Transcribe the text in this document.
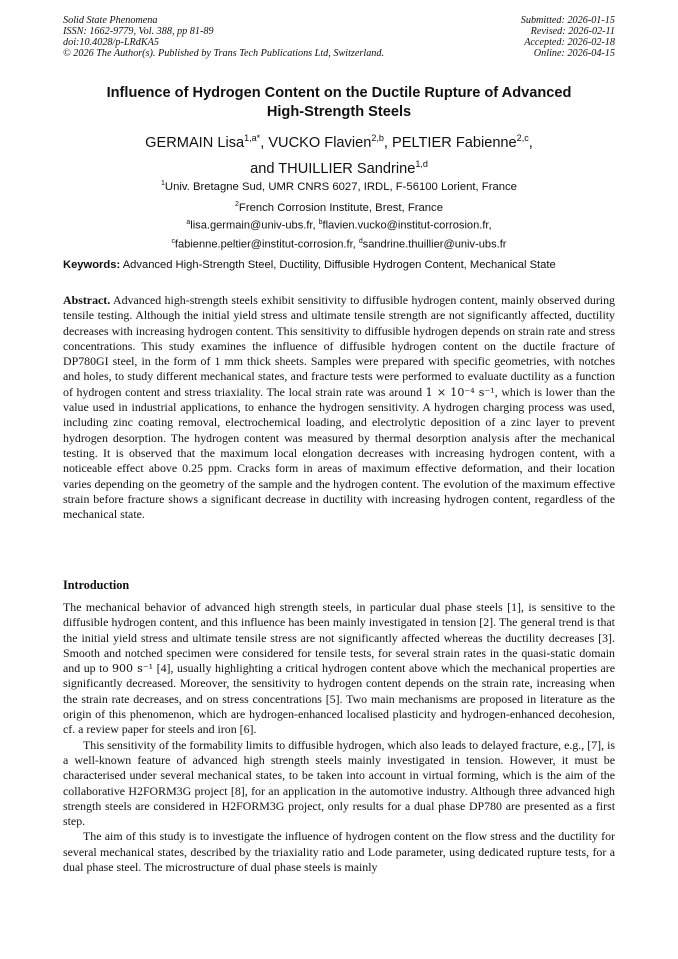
Solid State Phenomena
ISSN: 1662-9779, Vol. 388, pp 81-89
doi:10.4028/p-LRdKA5
© 2026 The Author(s). Published by Trans Tech Publications Ltd, Switzerland.
Submitted: 2026-01-15
Revised: 2026-02-11
Accepted: 2026-02-18
Online: 2026-04-15
Influence of Hydrogen Content on the Ductile Rupture of Advanced
High-Strength Steels
GERMAIN Lisa$^{1,a*}$, VUCKO Flavien$^{2,b}$, PELTIER Fabienne$^{2,c}$,
and THUILLIER Sandrine$^{1,d}$
$^1$Univ. Bretagne Sud, UMR CNRS 6027, IRDL, F-56100 Lorient, France
$^2$French Corrosion Institute, Brest, France
$^a$lisa.germain@univ-ubs.fr, $^b$flavien.vucko@institut-corrosion.fr,
$^c$fabienne.peltier@institut-corrosion.fr, $^d$sandrine.thuillier@univ-ubs.fr
Keywords: Advanced High-Strength Steel, Ductility, Diffusible Hydrogen Content, Mechanical State

Abstract. Advanced high-strength steels exhibit sensitivity to diffusible hydrogen content, mainly observed during tensile testing. Although the initial yield stress and ultimate tensile strength are not significantly affected, ductility decreases with increasing hydrogen content. This sensitivity to diffusible hydrogen depends on strain rate and stress concentrations. This study examines the influence of diffusible hydrogen content on the ductile fracture of DP780GI steel, in the form of 1 mm thick sheets. Samples were prepared with specific geometries, with notches and holes, to study different mechanical states, and fracture tests were performed to evaluate ductility as a function of hydrogen content and stress triaxiality. The local strain rate was around 1 × 10⁻⁴ s⁻¹, which is lower than the value used in industrial applications, to enhance the hydrogen sensitivity. A hydrogen charging process was used, including zinc coating removal, electrochemical loading, and electrolytic deposition of a zinc layer to prevent hydrogen desorption. The hydrogen content was measured by thermal desorption analysis after the mechanical testing. It is observed that the maximum local elongation decreases with increasing hydrogen content, with a noticeable effect above 0.25 ppm. Cracks form in areas of maximum effective deformation, and their location varies depending on the geometry of the sample and the hydrogen content. The evolution of the maximum effective strain before fracture shows a significant decrease in ductility with increasing hydrogen content, regardless of the mechanical state.

Introduction

The mechanical behavior of advanced high strength steels, in particular dual phase steels [1], is sensitive to the diffusible hydrogen content, and this influence has been mainly investigated in tension [2]. The general trend is that the initial yield stress and ultimate tensile stress are not significantly affected whereas the ductility decreases [3]. Smooth and notched specimen were considered for tensile tests, for several strain rates in the quasi-static domain and up to 900 s⁻¹ [4], usually highlighting a critical hydrogen content above which the mechanical properties are significantly decreased. Moreover, the sensitivity to hydrogen content depends on the strain rate, increasing when the strain rate decreases, and on stress concentrations [5]. Two main mechanisms are proposed in literature as the origin of this phenomenon, which are hydrogen-enhanced localised plasticity and hydrogen-enhanced decohesion, cf. a review paper for steels and iron [6].

This sensitivity of the formability limits to diffusible hydrogen, which also leads to delayed fracture, e.g., [7], is a well-known feature of advanced high strength steels mainly investigated in tension. However, it must be characterised under several mechanical states, to be taken into account in virtual forming, which is the aim of the collaborative H2FORM3G project [8], for an application in the automotive industry. Although three advanced high strength steels are considered in H2FORM3G project, only results for a dual phase DP780 are presented as a first step.

The aim of this study is to investigate the influence of hydrogen content on the flow stress and the ductility for several mechanical states, described by the triaxiality ratio and Lode parameter, using dedicated rupture tests, for a dual phase steel. The microstructure of dual phase steels is mainly
